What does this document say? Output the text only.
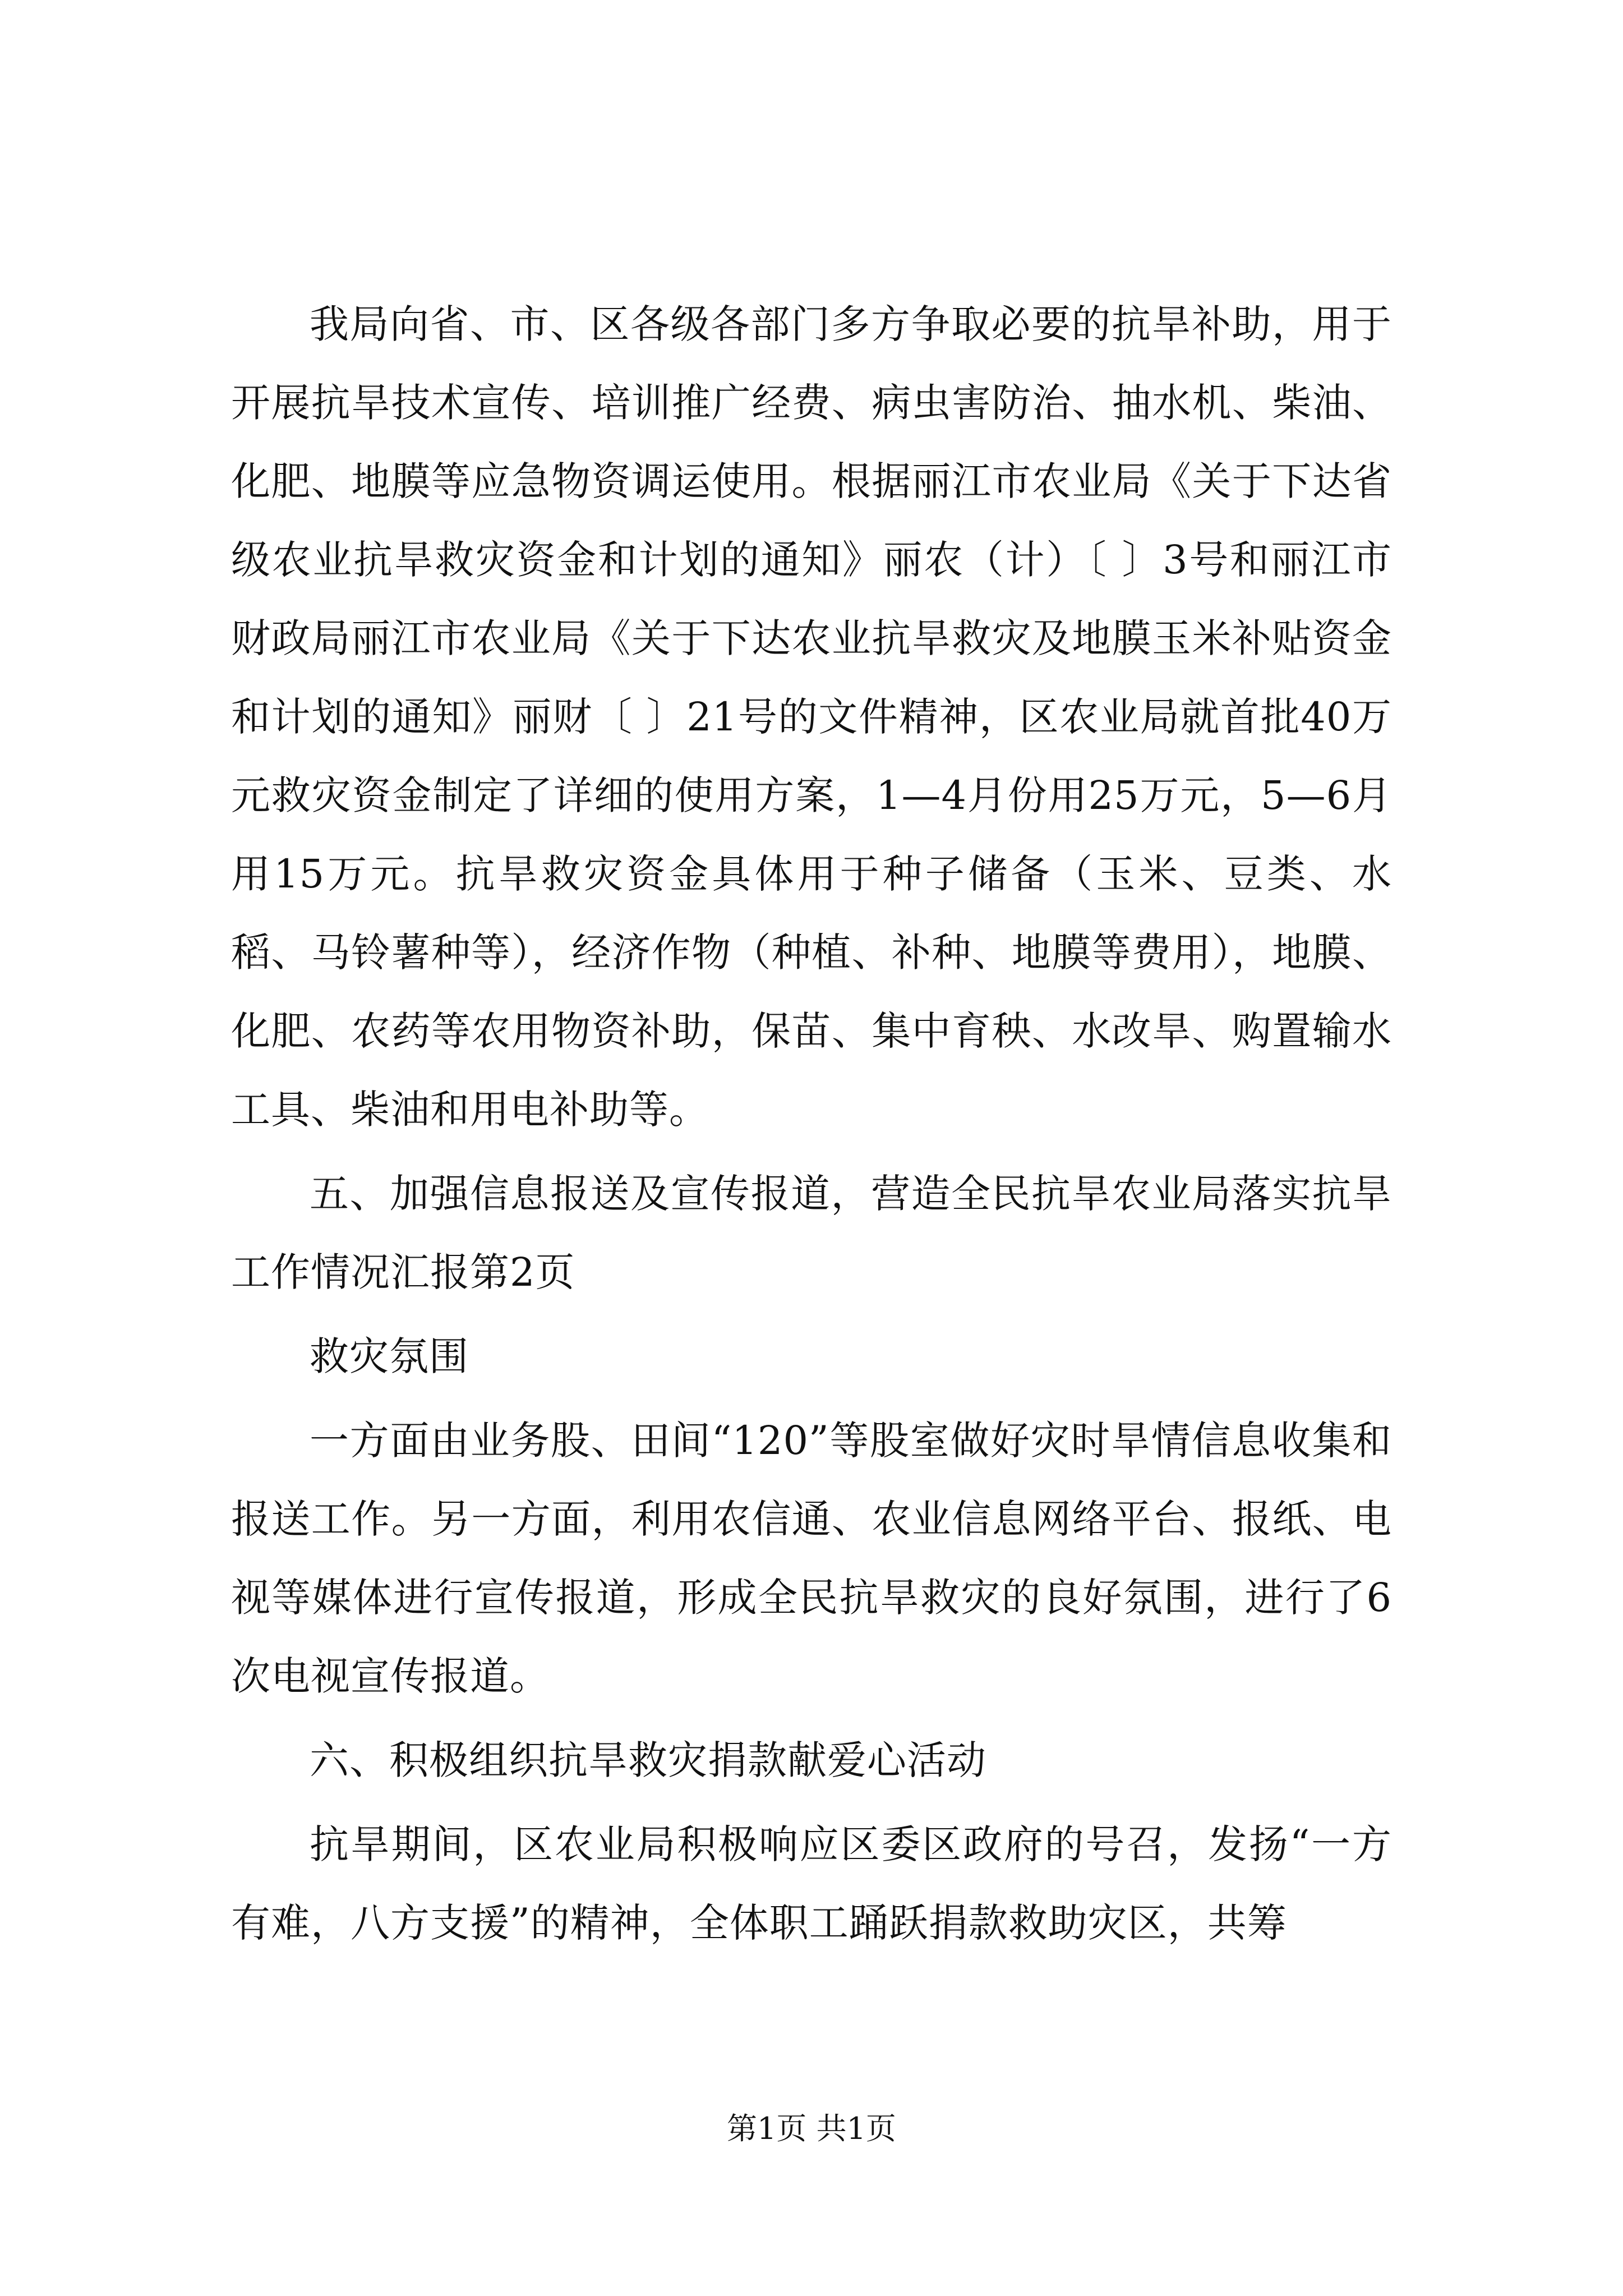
我局向省、市、区各级各部门多方争取必要的抗旱补助，用于开展抗旱技术宣传、培训推广经费、病虫害防治、抽水机、柴油、化肥、地膜等应急物资调运使用。根据丽江市农业局《关于下达省级农业抗旱救灾资金和计划的通知》丽农（计）〔 〕3号和丽江市财政局丽江市农业局《关于下达农业抗旱救灾及地膜玉米补贴资金和计划的通知》丽财〔 〕21号的文件精神，区农业局就首批40万元救灾资金制定了详细的使用方案，1—4月份用25万元，5—6月用15万元。抗旱救灾资金具体用于种子储备（玉米、豆类、水稻、马铃薯种等），经济作物（种植、补种、地膜等费用），地膜、化肥、农药等农用物资补助，保苗、集中育秧、水改旱、购置输水工具、柴油和用电补助等。

五、加强信息报送及宣传报道，营造全民抗旱农业局落实抗旱工作情况汇报第2页

救灾氛围

一方面由业务股、田间“120”等股室做好灾时旱情信息收集和报送工作。另一方面，利用农信通、农业信息网络平台、报纸、电视等媒体进行宣传报道，形成全民抗旱救灾的良好氛围，进行了6次电视宣传报道。

六、积极组织抗旱救灾捐款献爱心活动

抗旱期间，区农业局积极响应区委区政府的号召，发扬“一方有难，八方支援”的精神，全体职工踊跃捐款救助灾区，共筹

第1页 共1页
